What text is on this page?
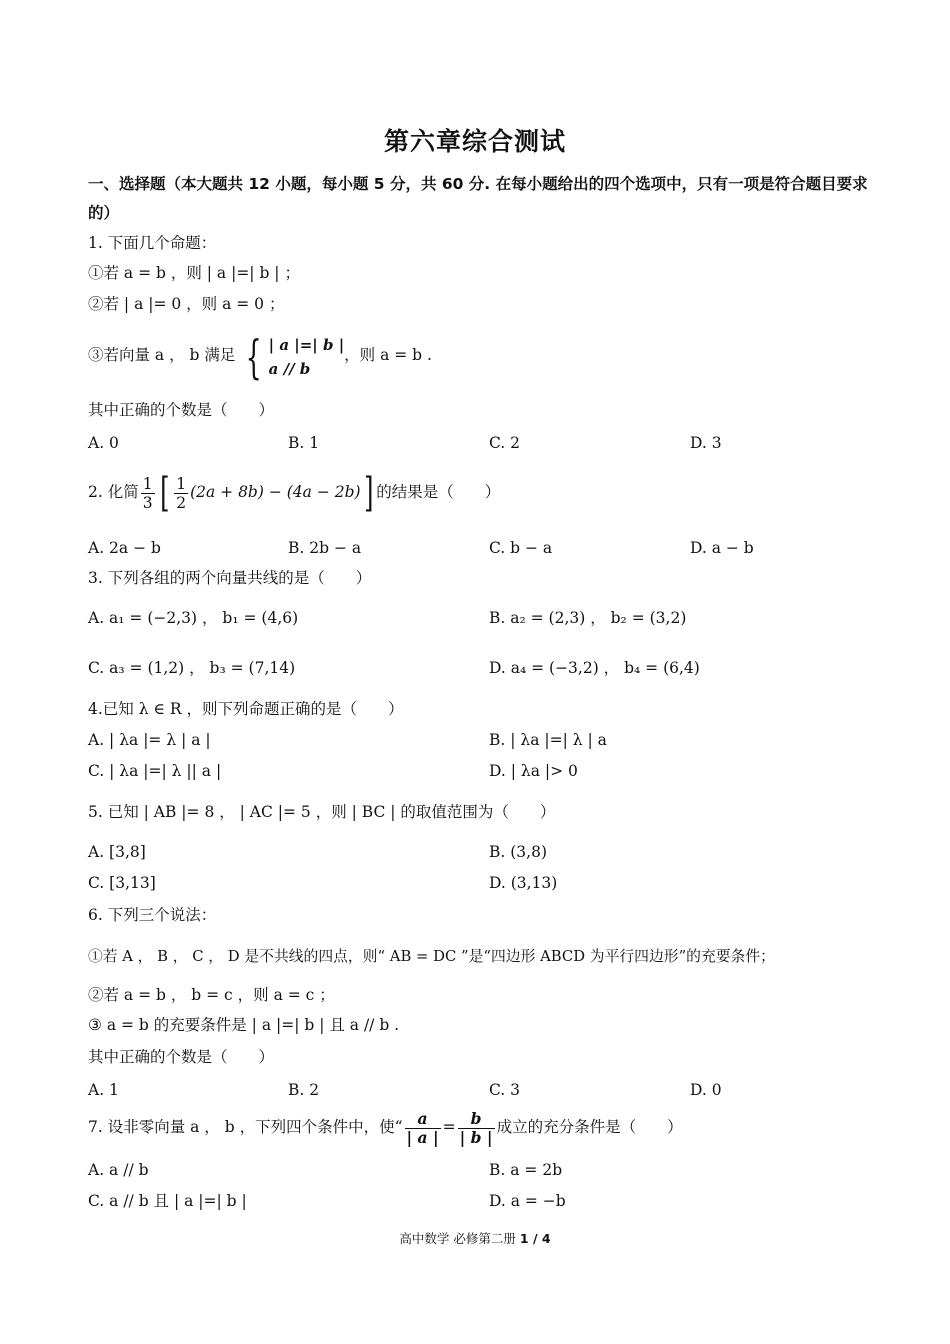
第六章综合测试
一、选择题（本大题共 12 小题，每小题 5 分，共 60 分. 在每小题给出的四个选项中，只有一项是符合题目要求的）
1. 下面几个命题：
①若 a = b ，则 | a |=| b | ；
②若 | a |= 0 ，则 a = 0 ；
③若向量 a ， b 满足 { | a |=| b |
a // b
，则 a = b .
其中正确的个数是（　　）
A. 0	B. 1	C. 2	D. 3
2. 化简 $\frac{1}{3}$ [ $\frac{1}{2} (2a + 8b) - (4a - 2b)$] 的结果是（　　）
A. 2a − b	B. 2b − a	C. b − a	D. a − b
3. 下列各组的两个向量共线的是（　　）
A. a₁ = (−2,3) ， b₁ = (4,6)	B. a₂ = (2,3) ， b₂ = (3,2)
C. a₃ = (1,2) ， b₃ = (7,14)	D. a₄ = (−3,2) ， b₄ = (6,4)
4.已知 λ ∈ R ，则下列命题正确的是（　　）
A. | λa |= λ | a |	B. | λa |=| λ | a
C. | λa |=| λ || a |	D. | λa |> 0
5. 已知 | AB |= 8 ， | AC |= 5 ，则 | BC | 的取值范围为（　　）
A. [3,8]	B. (3,8)
C. [3,13]	D. (3,13)
6. 下列三个说法：
①若 A ， B ， C ， D 是不共线的四点，则“ AB = DC ”是“四边形 ABCD 为平行四边形”的充要条件；
②若 a = b ， b = c ，则 a = c ；
③ a = b 的充要条件是 | a |=| b | 且 a // b .
其中正确的个数是（　　）
A. 1	B. 2	C. 3	D. 0
7. 设非零向量 a ， b ，下列四个条件中，使“ $\frac{a}{| a |} = \frac{b}{| b |}$ 成立的充分条件是（　　）
A. a // b	B. a = 2b
C. a // b 且 | a |=| b |	D. a = −b
高中数学 必修第二册 1 / 4
